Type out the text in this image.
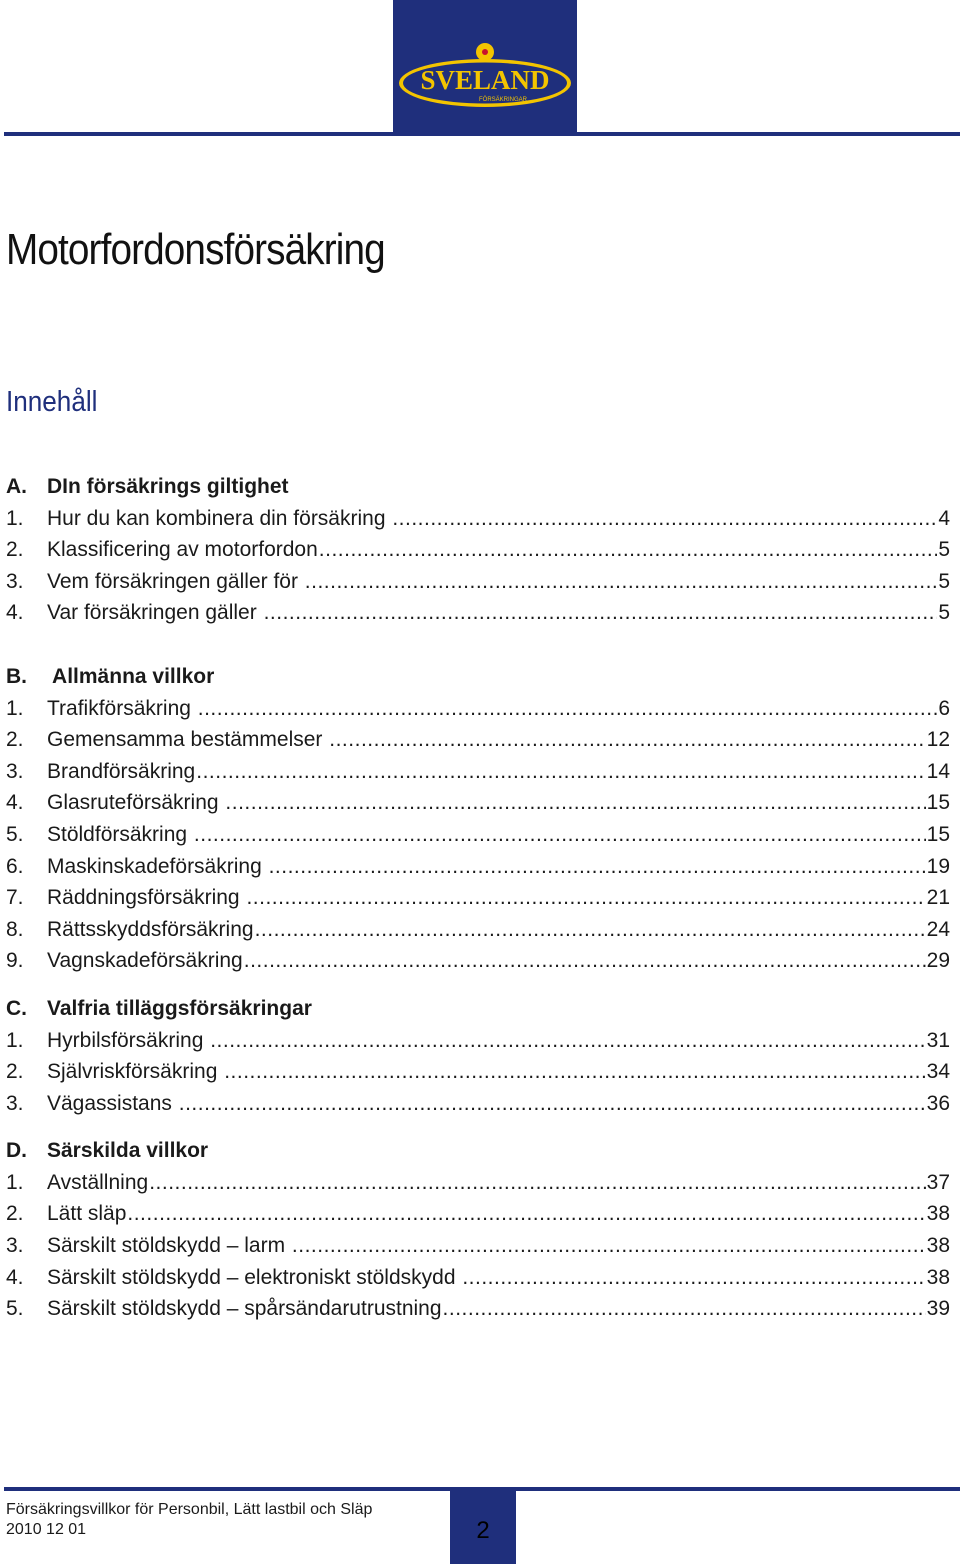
SVELAND
FÖRSÄKRINGAR
Motorfordonsförsäkring
Innehåll
A. DIn försäkrings giltighet
1.	Hur du kan kombinera din försäkring .....	4
2.	Klassificering av motorfordon .....	5
3.	Vem försäkringen gäller för .....	5
4.	Var försäkringen gäller .....	5
B. Allmänna villkor
1.	Trafikförsäkring .....	6
2.	Gemensamma bestämmelser .....	12
3.	Brandförsäkring .....	14
4.	Glasruteförsäkring .....	15
5.	Stöldförsäkring .....	15
6.	Maskinskadeförsäkring .....	19
7.	Räddningsförsäkring .....	21
8.	Rättsskyddsförsäkring .....	24
9.	Vagnskadeförsäkring .....	29
C. Valfria tilläggsförsäkringar
1.	Hyrbilsförsäkring .....	31
2.	Självriskförsäkring .....	34
3.	Vägassistans .....	36
D. Särskilda villkor
1.	Avställning .....	37
2.	Lätt släp .....	38
3.	Särskilt stöldskydd – larm .....	38
4.	Särskilt stöldskydd – elektroniskt stöldskydd .....	38
5.	Särskilt stöldskydd – spårsändarutrustning .....	39
Försäkringsvillkor för Personbil, Lätt lastbil och Släp
2010 12 01	2
